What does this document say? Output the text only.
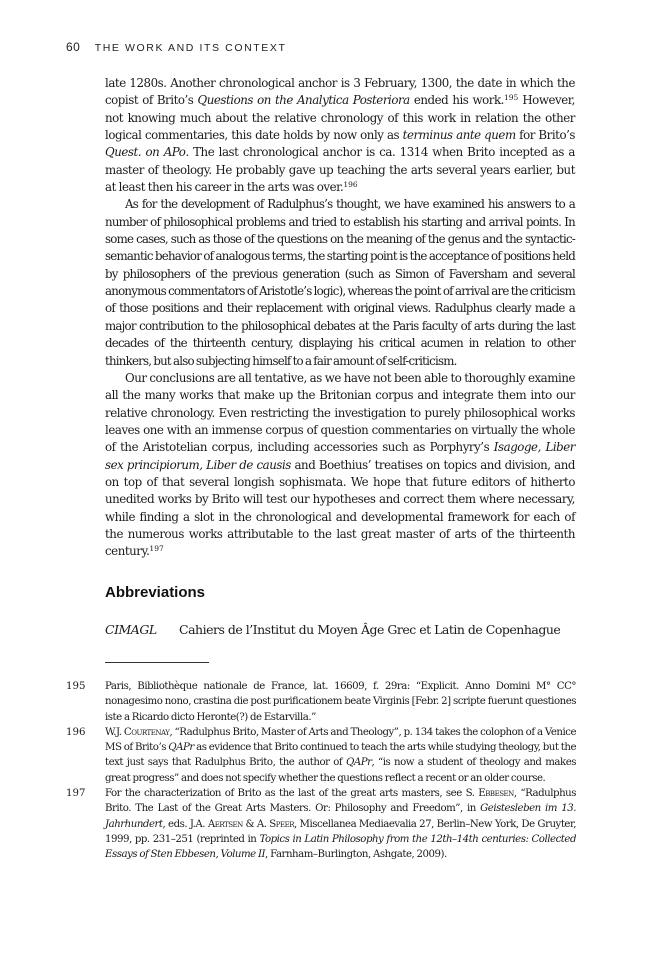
60 THE WORK AND ITS CONTEXT

late 1280s. Another chronological anchor is 3 February, 1300, the date in which the copist of Brito’s Questions on the Analytica Posteriora ended his work.$^{195}$ However, not knowing much about the relative chronology of this work in relation the other logical commentaries, this date holds by now only as terminus ante quem for Brito’s Quest. on APo. The last chronological anchor is ca. 1314 when Brito incepted as a master of theology. He probably gave up teaching the arts several years earlier, but at least then his career in the arts was over.$^{196}$

As for the development of Radulphus’s thought, we have examined his answers to a number of philosophical problems and tried to establish his starting and arrival points. In some cases, such as those of the questions on the meaning of the genus and the syntactic-semantic behavior of analogous terms, the starting point is the acceptance of positions held by philosophers of the previous generation (such as Simon of Faversham and several anonymous commentators of Aristotle’s logic), whereas the point of arrival are the criticism of those positions and their replacement with original views. Radulphus clearly made a major contribution to the philosophical debates at the Paris faculty of arts during the last decades of the thirteenth century, displaying his critical acumen in relation to other thinkers, but also subjecting himself to a fair amount of self-criticism.

Our conclusions are all tentative, as we have not been able to thoroughly examine all the many works that make up the Britonian corpus and integrate them into our relative chronology. Even restricting the investigation to purely philosophical works leaves one with an immense corpus of question commentaries on virtually the whole of the Aristotelian corpus, including accessories such as Porphyry’s Isagoge, Liber sex principiorum, Liber de causis and Boethius’ treatises on topics and division, and on top of that several longish sophismata. We hope that future editors of hitherto unedited works by Brito will test our hypotheses and correct them where necessary, while finding a slot in the chronological and developmental framework for each of the numerous works attributable to the last great master of arts of the thirteenth century.$^{197}$

Abbreviations
CIMAGL Cahiers de l’Institut du Moyen Âge Grec et Latin de Copenhague

195	Paris, Bibliothèque nationale de France, lat. 16609, f. 29ra: “Explicit. Anno Domini M° CC° nonagesimo nono, crastina die post purificationem beate Virginis [Febr. 2] scripte fuerunt questiones iste a Ricardo dicto Heronte(?) de Estarvilla.”

196	W.J. Courtenay, “Radulphus Brito, Master of Arts and Theology”, p. 134 takes the colophon of a Venice MS of Brito’s QAPr as evidence that Brito continued to teach the arts while studying theology, but the text just says that Radulphus Brito, the author of QAPr, “is now a student of theology and makes great progress” and does not specify whether the questions reflect a recent or an older course.

197	For the characterization of Brito as the last of the great arts masters, see S. Ebbesen, “Radulphus Brito. The Last of the Great Arts Masters. Or: Philosophy and Freedom”, in Geistesleben im 13. Jahrhundert, eds. J.A. Aertsen & A. Speer, Miscellanea Mediaevalia 27, Berlin–New York, De Gruyter, 1999, pp. 231–251 (reprinted in Topics in Latin Philosophy from the 12th–14th centuries: Collected Essays of Sten Ebbesen, Volume II, Farnham–Burlington, Ashgate, 2009).
